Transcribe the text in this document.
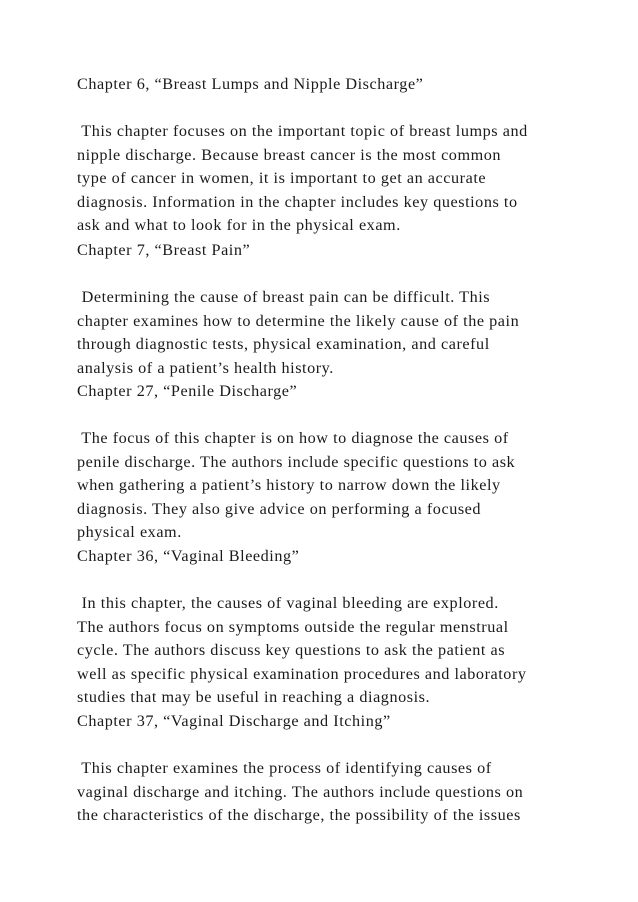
Chapter 6, “Breast Lumps and Nipple Discharge”

This chapter focuses on the important topic of breast lumps and
nipple discharge. Because breast cancer is the most common
type of cancer in women, it is important to get an accurate
diagnosis. Information in the chapter includes key questions to
ask and what to look for in the physical exam.

Chapter 7, “Breast Pain”

Determining the cause of breast pain can be difficult. This
chapter examines how to determine the likely cause of the pain
through diagnostic tests, physical examination, and careful
analysis of a patient’s health history.

Chapter 27, “Penile Discharge”

The focus of this chapter is on how to diagnose the causes of
penile discharge. The authors include specific questions to ask
when gathering a patient’s history to narrow down the likely
diagnosis. They also give advice on performing a focused
physical exam.

Chapter 36, “Vaginal Bleeding”

In this chapter, the causes of vaginal bleeding are explored.
The authors focus on symptoms outside the regular menstrual
cycle. The authors discuss key questions to ask the patient as
well as specific physical examination procedures and laboratory
studies that may be useful in reaching a diagnosis.

Chapter 37, “Vaginal Discharge and Itching”

This chapter examines the process of identifying causes of
vaginal discharge and itching. The authors include questions on
the characteristics of the discharge, the possibility of the issues
